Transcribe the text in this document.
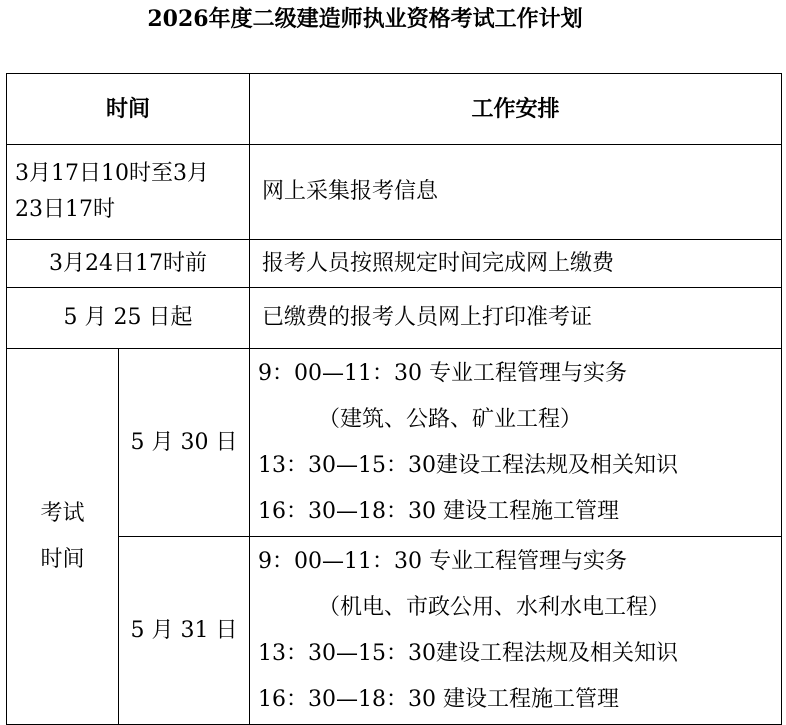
2026年度二级建造师执业资格考试工作计划
时间		工作安排

3月17日10时至3月
23日17时		网上采集报考信息
3月24日17时前		报考人员按照规定时间完成网上缴费
5 月 25 日起		已缴费的报考人员网上打印准考证

考试
时间	5 月 30 日	9：00—11：30 专业工程管理与实务
（建筑、公路、矿业工程）
13：30—15：30建设工程法规及相关知识
16：30—18：30 建设工程施工管理

	5 月 31 日	9：00—11：30 专业工程管理与实务
（机电、市政公用、水利水电工程）
13：30—15：30建设工程法规及相关知识
16：30—18：30 建设工程施工管理
